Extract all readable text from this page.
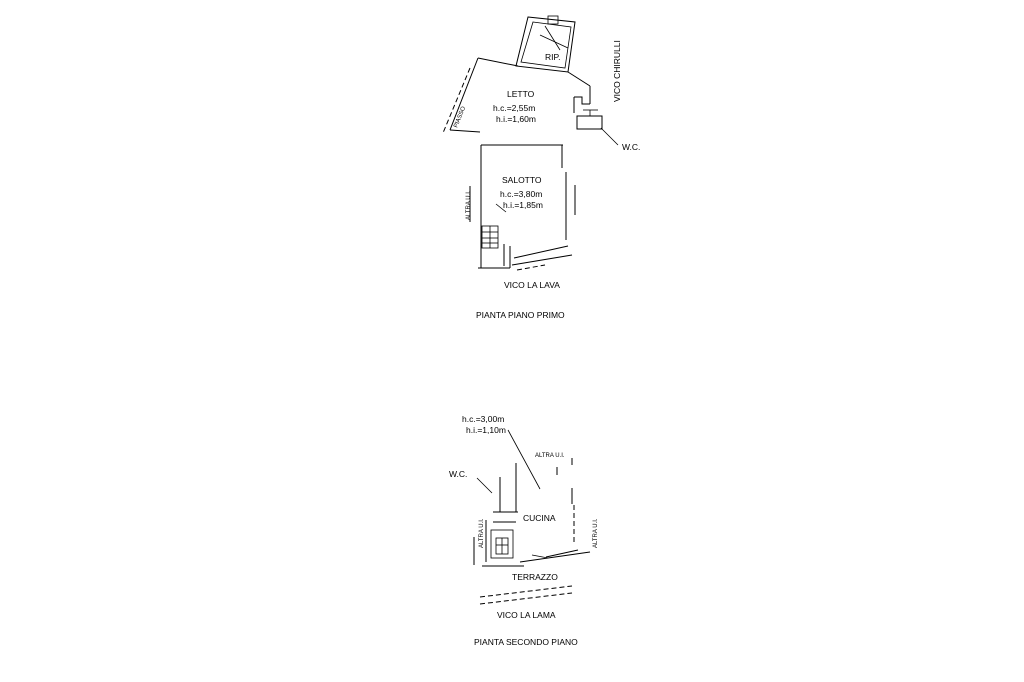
RIP.
LETTO
h.c.=2,55m
h.i.=1,60m
SALOTTO
h.c.=3,80m
h.i.=1,85m
W.C.
VICO LA LAVA
PIANTA PIANO PRIMO
VICO CHIRULLI
PIASSO
ALTRA U.I.
h.c.=3,00m
h.i.=1,10m
W.C.
CUCINA
TERRAZZO
VICO LA LAMA
PIANTA SECONDO PIANO
ALTRA U.I.
ALTRA U.I.	ALTRA U.I.
